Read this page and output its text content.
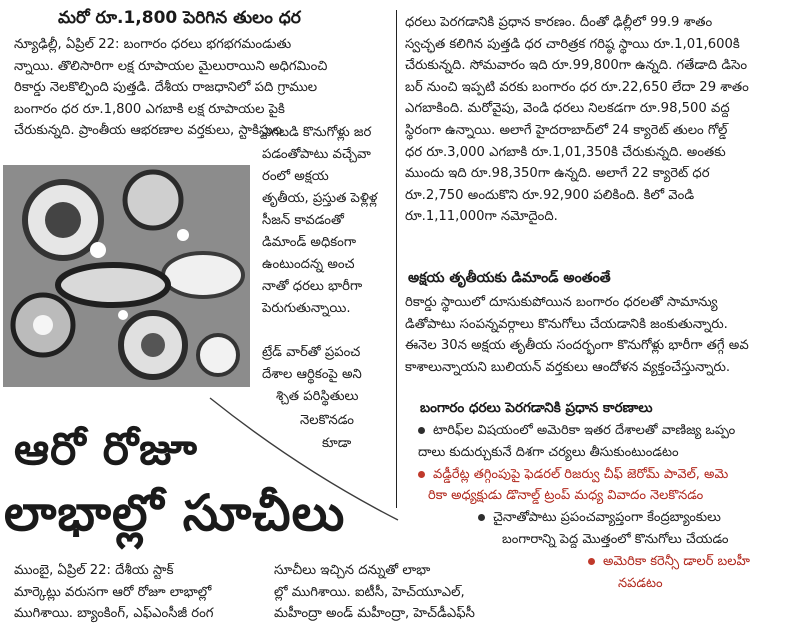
మరో రూ.1,800 పెరిగిన తులం ధర
న్యూఢిల్లీ, ఏప్రిల్ 22: బంగారం ధరలు భగభగమండుతు
న్నాయి. తొలిసారిగా లక్ష రూపాయల మైలురాయిని అధిగమించి
రికార్డు నెలకొల్పింది పుత్తడి. దేశీయ రాజధానిలో పది గ్రాముల
బంగారం ధర రూ.1,800 ఎగబాకి లక్ష రూపాయల పైకి
చేరుకున్నది. ప్రాంతీయ ఆభరణాల వర్తకులు, స్టాకిస్టుల
ఎగబడి కొనుగోళ్లు జర
పడంతోపాటు వచ్చేవా
రంలో అక్షయ
తృతీయ, ప్రస్తుత పెళ్లిళ్ల
సీజన్ కావడంతో
డిమాండ్ అధికంగా
ఉంటుందన్న అంచ
నాతో ధరలు భారీగా
పెరుగుతున్నాయి.
ట్రేడ్ వార్‌తో ప్రపంచ
దేశాల ఆర్థికంపై అని
శ్చిత పరిస్థితులు
నెలకొనడం
కూడా
ధరలు పెరగడానికి ప్రధాన కారణం. దీంతో ఢిల్లీలో 99.9 శాతం
స్వచ్ఛత కలిగిన పుత్తడి ధర చారిత్రక గరిష్ఠ స్థాయి రూ.1,01,600కి
చేరుకున్నది. సోమవారం ఇది రూ.99,800గా ఉన్నది. గతేడాది డిసెం
బర్ నుంచి ఇప్పటి వరకు బంగారం ధర రూ.22,650 లేదా 29 శాతం
ఎగబాకింది. మరోవైపు, వెండి ధరలు నిలకడగా రూ.98,500 వద్ద
స్థిరంగా ఉన్నాయి. అలాగే హైదరాబాద్‌లో 24 క్యారెట్ తులం గోల్డ్
ధర రూ.3,000 ఎగబాకి రూ.1,01,350కి చేరుకున్నది. అంతకు
ముందు ఇది రూ.98,350గా ఉన్నది. అలాగే 22 క్యారెట్ ధర
రూ.2,750 అందుకొని రూ.92,900 పలికింది. కిలో వెండి
రూ.1,11,000గా నమోదైంది.
అక్షయ తృతీయకు డిమాండ్ అంతంతే
రికార్డు స్థాయిలో దూసుకుపోయిన బంగారం ధరలతో సామాన్యు
డితోపాటు సంపన్నవర్గాలు కొనుగోలు చేయడానికి జంకుతున్నారు.
ఈనెల 30న అక్షయ తృతీయ సందర్భంగా కొనుగోళ్లు భారీగా తగ్గే అవ
కాశాలున్నాయని బులియన్ వర్తకులు ఆందోళన వ్యక్తంచేస్తున్నారు.
బంగారం ధరలు పెరగడానికి ప్రధాన కారణాలు
టారిఫ్‌ల విషయంలో అమెరికా ఇతర దేశాలతో వాణిజ్య ఒప్పం
దాలు కుదుర్చుకునే దిశగా చర్యలు తీసుకుంటుండటం
వడ్డీరేట్ల తగ్గింపుపై ఫెడరల్ రిజర్వు చీఫ్ జెరోమ్ పావెల్, అమె
రికా అధ్యక్షుడు డొనాల్డ్ ట్రంప్ మధ్య వివాదం నెలకొనడం
చైనాతోపాటు ప్రపంచవ్యాప్తంగా కేంద్రబ్యాంకులు
బంగారాన్ని పెద్ద మొత్తంలో కొనుగోలు చేయడం
అమెరికా కరెన్సీ డాలర్ బలహీ
నపడటం
ఆరో రోజూ
లాభాల్లో సూచీలు
ముంబై, ఏప్రిల్ 22: దేశీయ స్టాక్
మార్కెట్లు వరుసగా ఆరో రోజూ లాభాల్లో
ముగిశాయి. బ్యాంకింగ్, ఎఫ్‌ఎంసీజీ రంగ
సూచీలు ఇచ్చిన దన్నుతో లాభా
ల్లో ముగిశాయి. ఐటీసీ, హెచ్‌యూఎల్,
మహీంద్రా అండ్ మహీంద్రా, హెచ్‌డీఎఫ్‌సీ
